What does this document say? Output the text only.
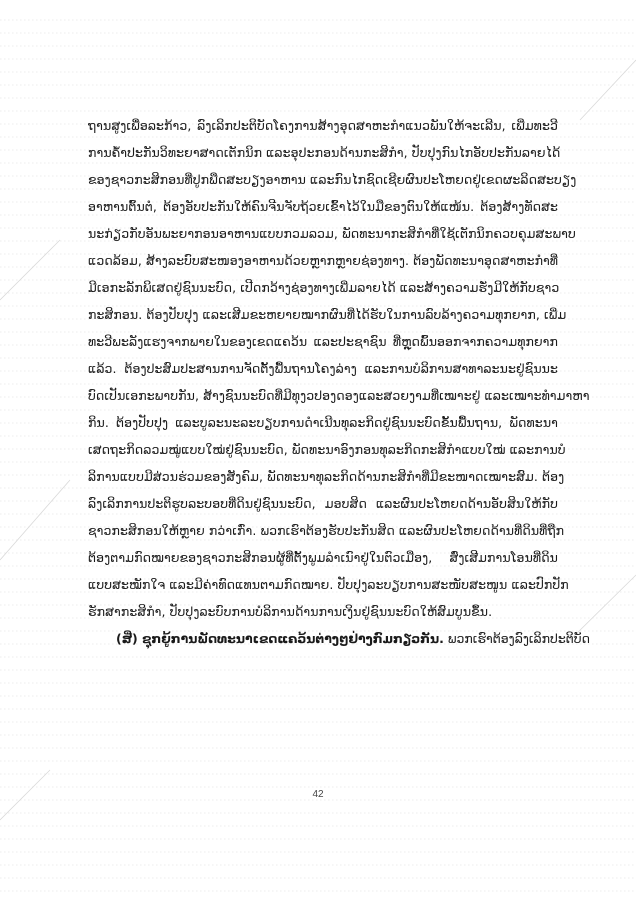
ຖານສູງເພື່ອລະກ້າວ, ລົງເລິກປະຕິບັດໂຄງການສ້າງອຸດສາຫະກຳແນວພັນໃຫ້ຈະເລີນ, ເພີ່ມທະວີ
ການຄ້ຳປະກັນວິທະຍາສາດເຕັກນິກ ແລະອຸປະກອນດ້ານກະສິກຳ, ປັບປຸງກົນໄກອັບປະກັນລາຍໄດ້
ຂອງຊາວກະສິກອນທີ່ປູກພືດສະບຽງອາຫານ ແລະກົນໄກຊົດເຊີຍຜົນປະໂຫຍດຢູ່ເຂດຜະລິດສະບຽງ
ອາຫານຕົ້ນຕໍ, ຕ້ອງອັບປະກັນໃຫ້ຄົນຈີນຈັບຖ້ວຍເຂົ້າໄວ້ໃນມືຂອງຕົນໃຫ້ແໜ້ນ. ຕ້ອງສ້າງທັດສະ
ນະກ່ຽວກັບອັນພະຍາກອນອາຫານແບບກວມລວມ, ພັດທະນາກະສິກຳທີ່ໃຊ້ເຕັກນິກຄວບຄຸມສະພາບ
ແວດລ້ອມ, ສ້າງລະບົບສະໜອງອາຫານດ້ວຍຫຼາກຫຼາຍຊ່ອງທາງ. ຕ້ອງພັດທະນາອຸດສາຫະກຳທີ່
ມີເອກະລັກພິເສດຢູ່ຊົນນະບົດ, ເປີດກວ້າງຊ່ອງທາງເພີ່ມລາຍໄດ້ ແລະສ້າງຄວາມຮັ່ງມີໃຫ້ກັບຊາວ
ກະສິກອນ. ຕ້ອງປັບປຸງ ແລະເສີມຂະຫຍາຍໝາກຜົນທີ່ໄດ້ຮັບໃນການລົບລ້າງຄວາມທຸກຍາກ, ເພີ່ມ
ທະວີພະລັງແຮງຈາກພາຍໃນຂອງເຂດແຄວ້ນ ແລະປະຊາຊົນ ທີ່ຫຼຸດພົ້ນອອກຈາກຄວາມທຸກຍາກ
ແລ້ວ. ຕ້ອງປະສົມປະສານການຈັດຕັ້ງພື້ນຖານໂຄງລ່າງ ແລະການບໍລິການສາທາລະນະຢູ່ຊົນນະ
ບົດເປັນເອກະພາບກັນ, ສ້າງຊົນນະບົດທີ່ມີທຸງວປອງດອງແລະສວຍງາມທີ່ເໝາະຢູ່ ແລະເໝາະທຳມາຫາ
ກິນ. ຕ້ອງປັບປຸງ ແລະບູລະນະລະບຽບການດຳເນີນທຸລະກິດຢູ່ຊົນນະບົດຂັ້ນພື້ນຖານ, ພັດທະນາ
ເສດຖະກິດລວມໝູ່ແບບໃໝ່ຢູ່ຊົນນະບົດ, ພັດທະນາອົງກອນທຸລະກິດກະສິກຳແບບໃໝ່ ແລະການບໍ
ລິການແບບມີສ່ວນຮ່ວມຂອງສັງຄົມ, ພັດທະນາທຸລະກິດດ້ານກະສິກຳທີ່ມີຂະໜາດເໝາະສົມ. ຕ້ອງ
ລົງເລິກການປະຕິຮູບລະບອບທີ່ດິນຢູ່ຊົນນະບົດ, ມອບສິດ ແລະຜົນປະໂຫຍດດ້ານອັບສິນໃຫ້ກັບ
ຊາວກະສິກອນໃຫ້ຫຼາຍ ກວ່າເກົ່າ. ພວກເຮົາຕ້ອງຮັບປະກັນສິດ ແລະຜົນປະໂຫຍດດ້ານທີ່ດິນທີ່ຖືກ
ຕ້ອງຕາມກົດໝາຍຂອງຊາວກະສິກອນຜູ້ທີ່ຕັ້ງພູມລຳເນົາຢູ່ໃນຕົວເມືອງ, ສົ່ງເສີມການໂອນທີ່ດິນ
ແບບສະໝັກໃຈ ແລະມີຄ່າທົດແທນຕາມກົດໝາຍ. ປັບປຸງລະບຽບການສະໜັບສະໜູນ ແລະປົກປັກ
ຮັກສາກະສິກຳ, ປັບປຸງລະບົບການບໍລິການດ້ານການເງິນຢູ່ຊົນນະບົດໃຫ້ສົມບູນຂຶ້ນ.
(ສີ່) ຊຸກຍູ້ການພັດທະນາເຂດແຄວ້ນຕ່າງໆຢ່າງກົມກຽວກັນ. ພວກເຮົາຕ້ອງລົງເລິກປະຕິບັດ
42
